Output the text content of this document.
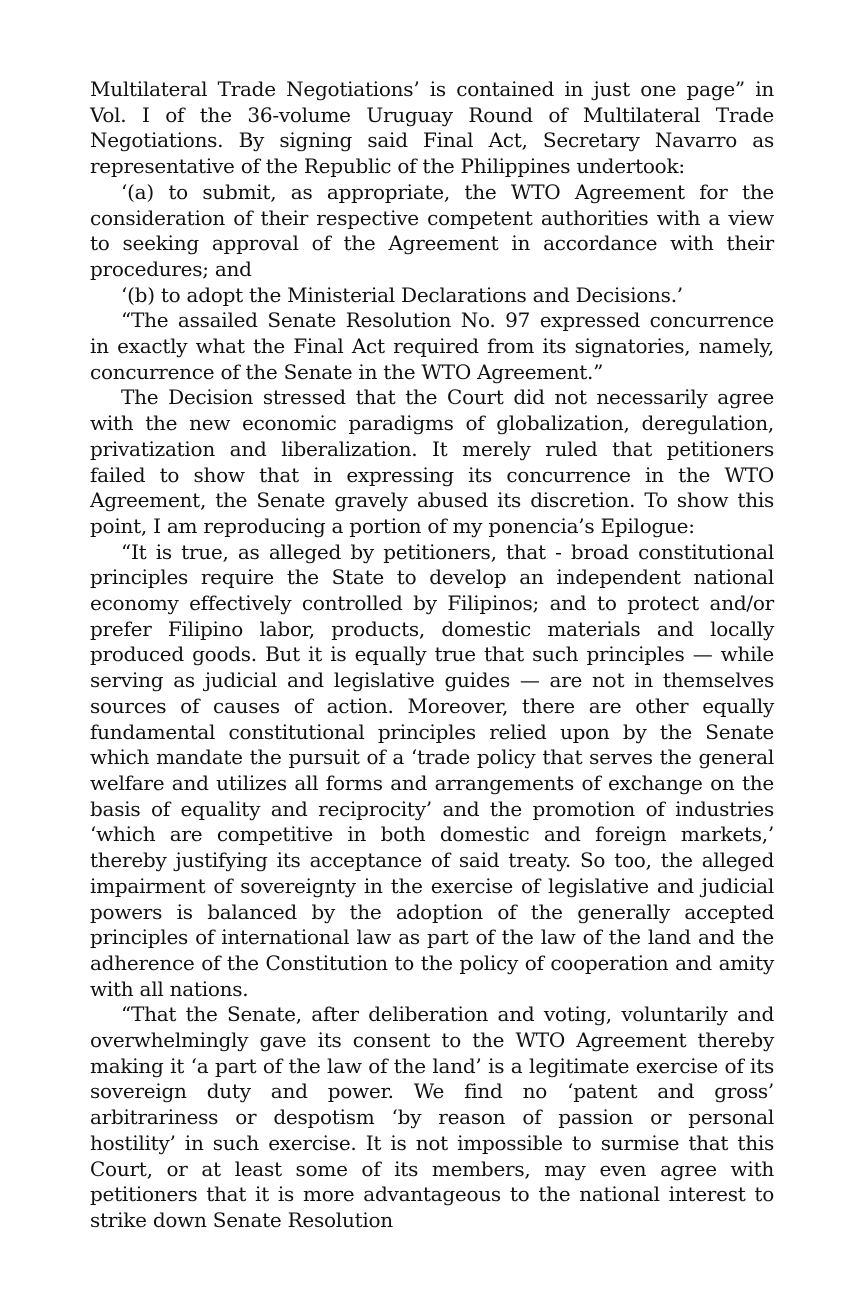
Multilateral Trade Negotiations’ is contained in just one page” in Vol. I of the 36-volume Uruguay Round of Multilateral Trade Negotiations. By signing said Final Act, Secretary Navarro as representative of the Republic of the Philippines undertook:

‘(a) to submit, as appropriate, the WTO Agreement for the consideration of their respective competent authorities with a view to seeking approval of the Agreement in accordance with their procedures; and

‘(b) to adopt the Ministerial Declarations and Decisions.’

“The assailed Senate Resolution No. 97 expressed concurrence in exactly what the Final Act required from its signatories, namely, concurrence of the Senate in the WTO Agreement.”

The Decision stressed that the Court did not necessarily agree with the new economic paradigms of globalization, deregulation, privatization and liberalization. It merely ruled that petitioners failed to show that in expressing its concurrence in the WTO Agreement, the Senate gravely abused its discretion. To show this point, I am reproducing a portion of my ponencia’s Epilogue:

“It is true, as alleged by petitioners, that - broad constitutional principles require the State to develop an independent national economy effectively controlled by Filipinos; and to protect and/or prefer Filipino labor, products, domestic materials and locally produced goods. But it is equally true that such principles — while serving as judicial and legislative guides — are not in themselves sources of causes of action. Moreover, there are other equally fundamental constitutional principles relied upon by the Senate which mandate the pursuit of a ‘trade policy that serves the general welfare and utilizes all forms and arrangements of exchange on the basis of equality and reciprocity’ and the promotion of industries ‘which are competitive in both domestic and foreign markets,’ thereby justifying its acceptance of said treaty. So too, the alleged impairment of sovereignty in the exercise of legislative and judicial powers is balanced by the adoption of the generally accepted principles of international law as part of the law of the land and the adherence of the Constitution to the policy of cooperation and amity with all nations.

“That the Senate, after deliberation and voting, voluntarily and overwhelmingly gave its consent to the WTO Agreement thereby making it ‘a part of the law of the land’ is a legitimate exercise of its sovereign duty and power. We find no ‘patent and gross’ arbitrariness or despotism ‘by reason of passion or personal hostility’ in such exercise. It is not impossible to surmise that this Court, or at least some of its members, may even agree with petitioners that it is more advantageous to the national interest to strike down Senate Resolution
